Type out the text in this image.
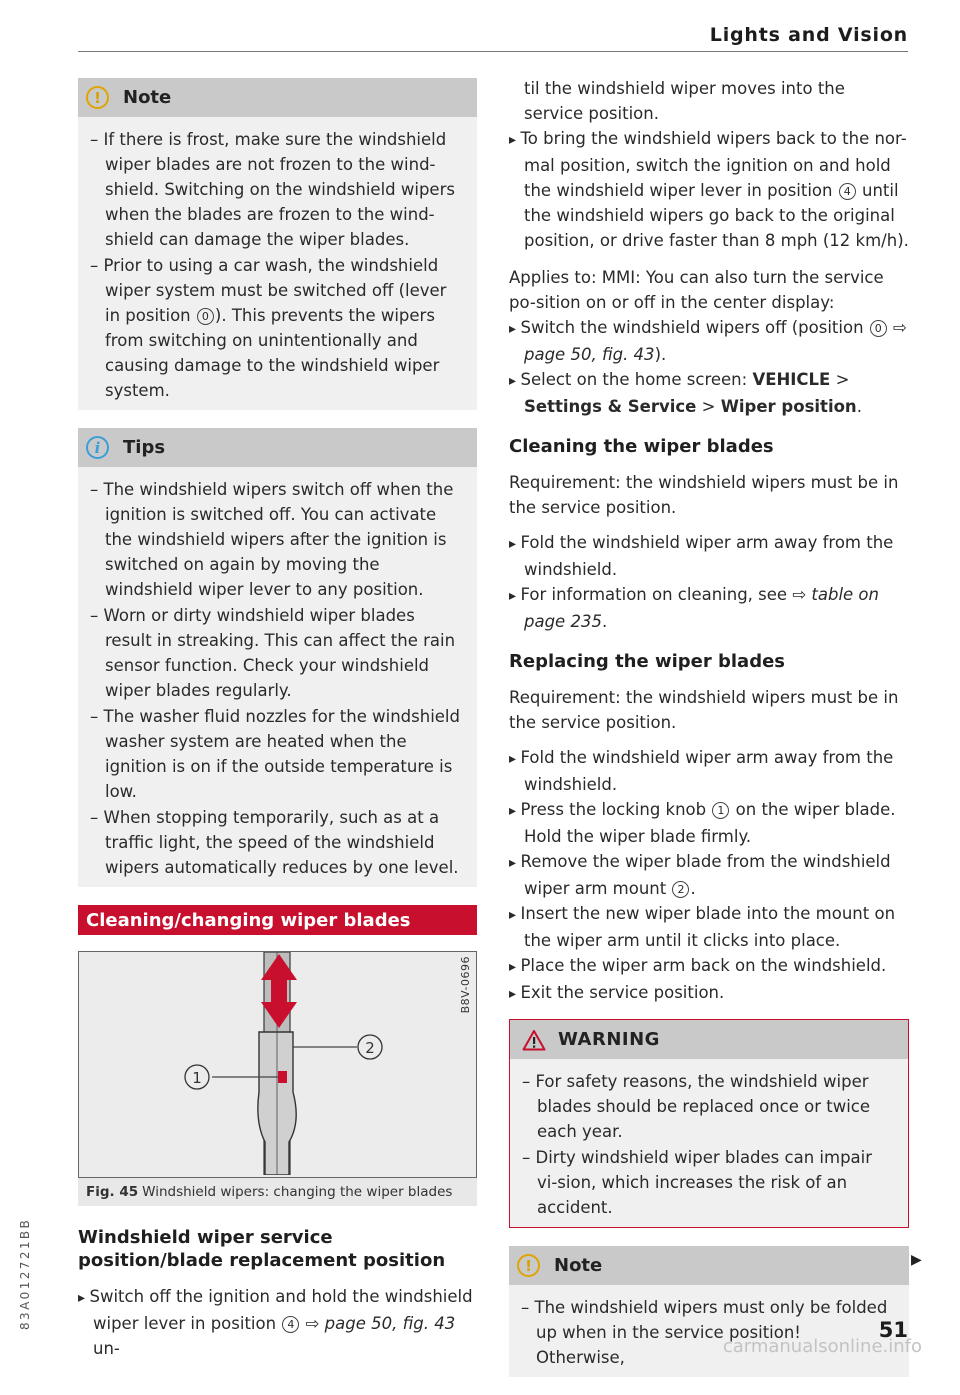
Lights and Vision
!	Note
– If there is frost, make sure the windshield wiper blades are not frozen to the wind-shield. Switching on the windshield wipers when the blades are frozen to the wind-shield can damage the wiper blades.
– Prior to using a car wash, the windshield wiper system must be switched off (lever in position 0 ). This prevents the wipers from switching on unintentionally and causing damage to the windshield wiper system.
i	Tips
– The windshield wipers switch off when the ignition is switched off. You can activate the windshield wipers after the ignition is switched on again by moving the windshield wiper lever to any position.
– Worn or dirty windshield wiper blades result in streaking. This can affect the rain sensor function. Check your windshield wiper blades regularly.
– The washer fluid nozzles for the windshield washer system are heated when the ignition is on if the outside temperature is low.
– When stopping temporarily, such as at a traffic light, the speed of the windshield wipers automatically reduces by one level.
Cleaning/changing wiper blades
1
2
B8V-0696
Fig. 45 Windshield wipers: changing the wiper blades
Windshield wiper service position/blade replacement position
▸ Switch off the ignition and hold the windshield wiper lever in position 4 ⇨ page 50, fig. 43 un-
til the windshield wiper moves into the service position.
▸ To bring the windshield wipers back to the nor-mal position, switch the ignition on and hold the windshield wiper lever in position 4 until the windshield wipers go back to the original position, or drive faster than 8 mph (12 km/h).
Applies to: MMI: You can also turn the service po-sition on or off in the center display:
▸ Switch the windshield wipers off (position 0 ⇨ page 50, fig. 43).
▸ Select on the home screen: VEHICLE > Settings & Service > Wiper position.
Cleaning the wiper blades
Requirement: the windshield wipers must be in the service position.
▸ Fold the windshield wiper arm away from the windshield.
▸ For information on cleaning, see ⇨ table on page 235.
Replacing the wiper blades
Requirement: the windshield wipers must be in the service position.
▸ Fold the windshield wiper arm away from the windshield.
▸ Press the locking knob 1 on the wiper blade. Hold the wiper blade firmly.
▸ Remove the wiper blade from the windshield wiper arm mount 2 .
▸ Insert the new wiper blade into the mount on the wiper arm until it clicks into place.
▸ Place the wiper arm back on the windshield.
▸ Exit the service position.
WARNING
– For safety reasons, the windshield wiper blades should be replaced once or twice each year.
– Dirty windshield wiper blades can impair vi-sion, which increases the risk of an accident.
!	Note
– The windshield wipers must only be folded up when in the service position! Otherwise,
▶
83A012721BB	51
carmanualsonline.info
